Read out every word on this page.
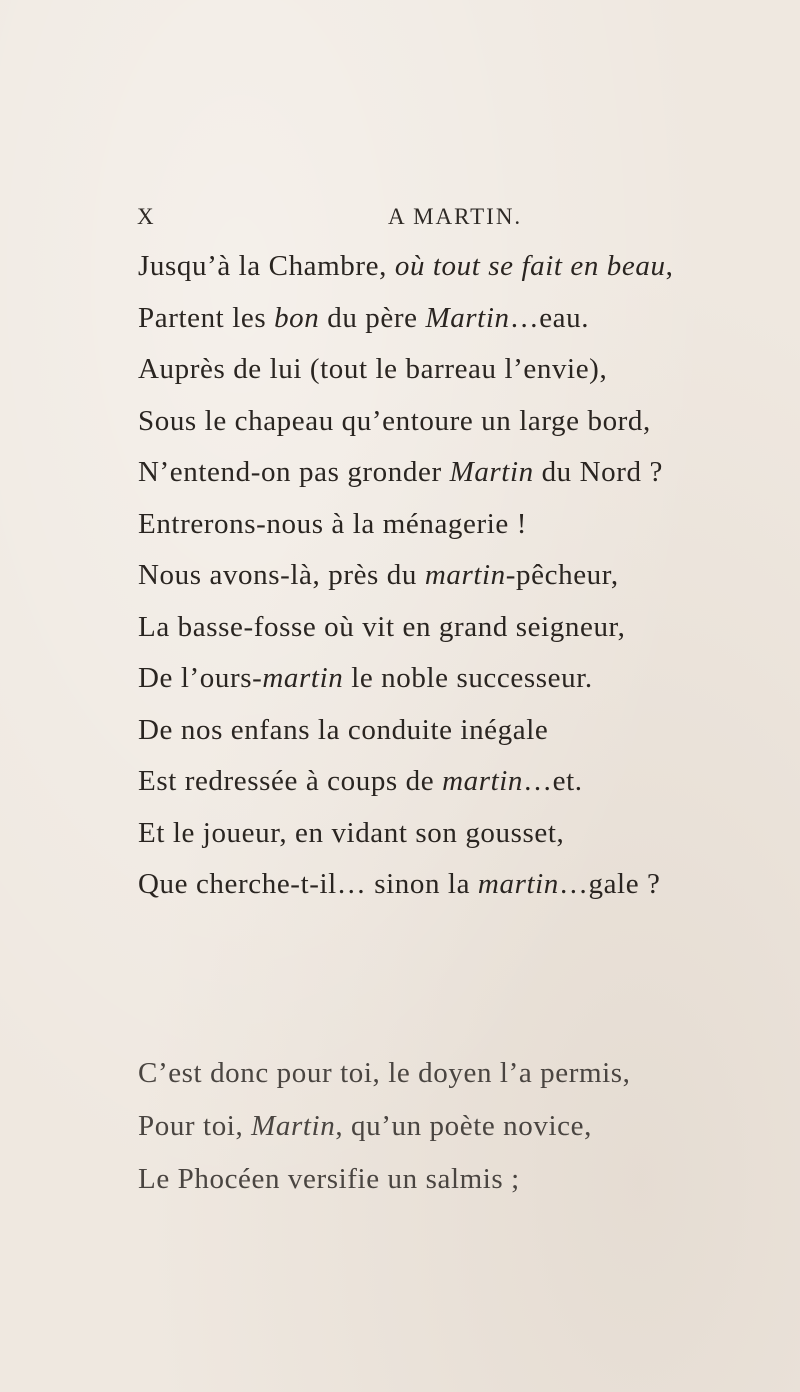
X	A MARTIN.
Jusqu’à la Chambre, où tout se fait en beau,
Partent les bon du père Martin…eau.
Auprès de lui (tout le barreau l’envie),
Sous le chapeau qu’entoure un large bord,
N’entend-on pas gronder Martin du Nord ?
Entrerons-nous à la ménagerie !
Nous avons-là, près du martin-pêcheur,
La basse-fosse où vit en grand seigneur,
De l’ours-martin le noble successeur.
De nos enfans la conduite inégale
Est redressée à coups de martin…et.
Et le joueur, en vidant son gousset,
Que cherche-t-il… sinon la martin…gale ?
C’est donc pour toi, le doyen l’a permis,
Pour toi, Martin, qu’un poète novice,
Le Phocéen versifie un salmis ;
